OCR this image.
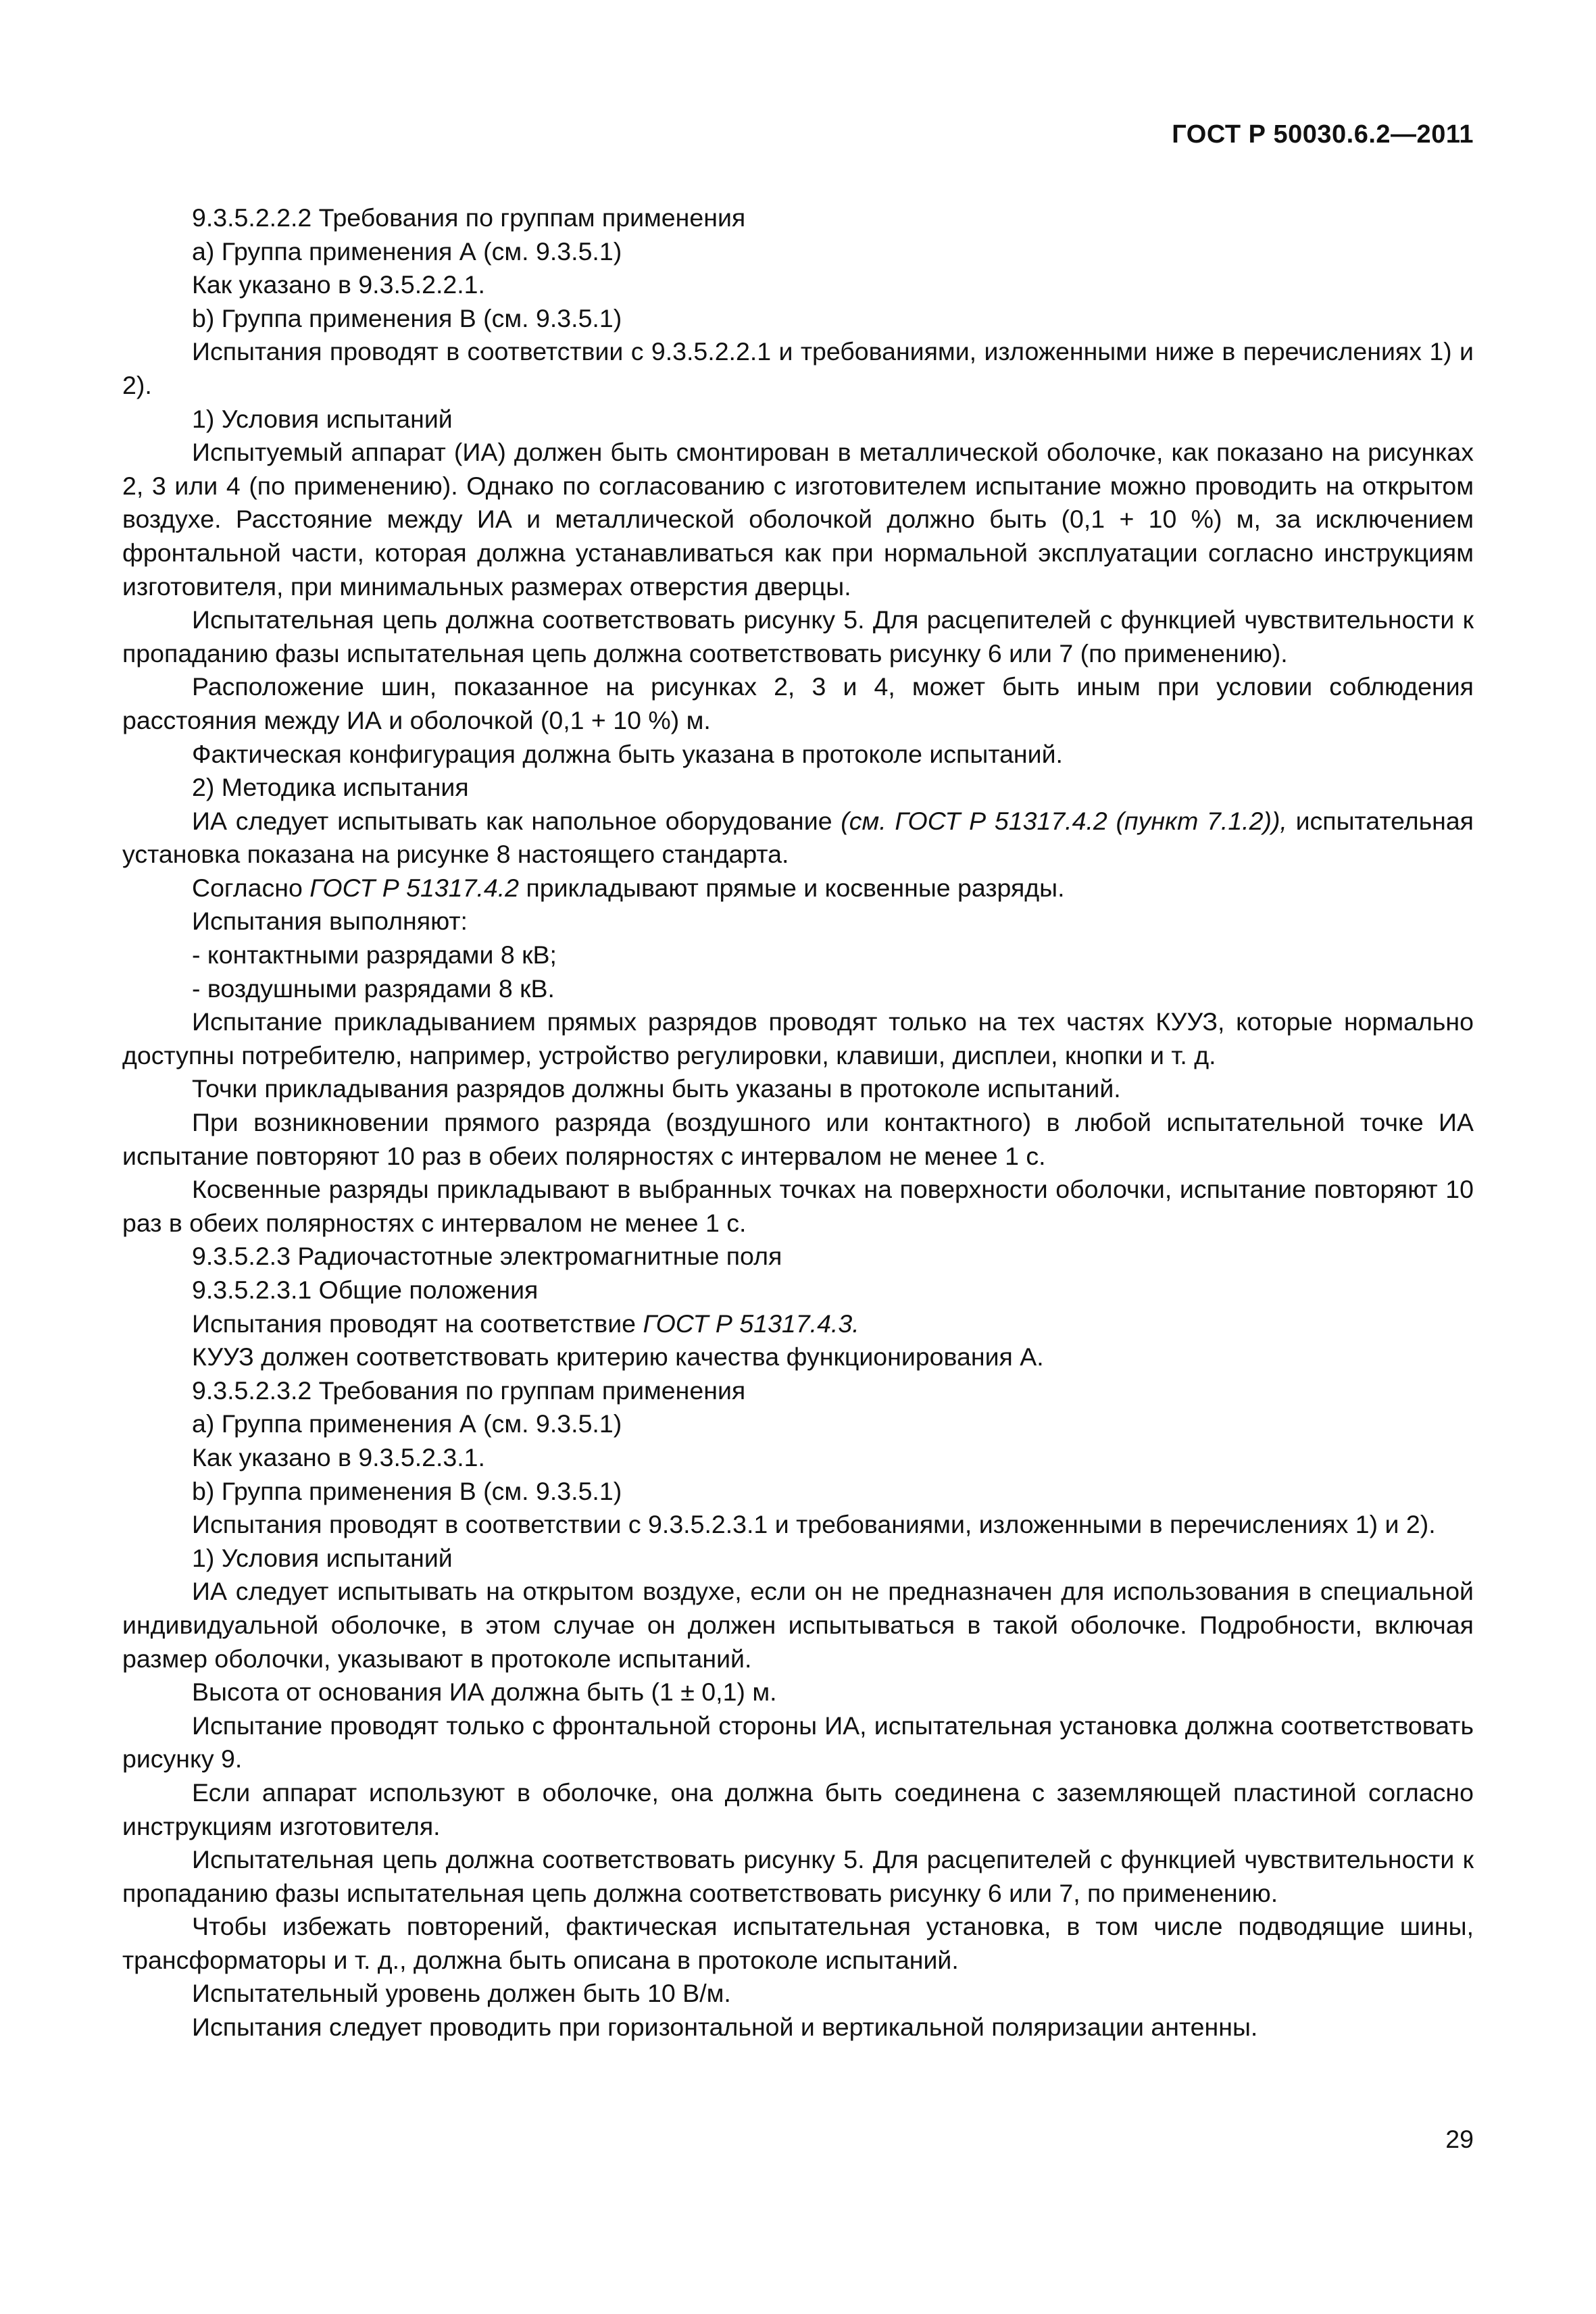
ГОСТ Р 50030.6.2—2011

9.3.5.2.2.2 Требования по группам применения

а) Группа применения А (см. 9.3.5.1)

Как указано в 9.3.5.2.2.1.

b) Группа применения В (см. 9.3.5.1)

Испытания проводят в соответствии с 9.3.5.2.2.1 и требованиями, изложенными ниже в перечислениях 1) и 2).

1) Условия испытаний

Испытуемый аппарат (ИА) должен быть смонтирован в металлической оболочке, как показано на рисунках 2, 3 или 4 (по применению). Однако по согласованию с изготовителем испытание можно проводить на открытом воздухе. Расстояние между ИА и металлической оболочкой должно быть (0,1 + 10 %) м, за исключением фронтальной части, которая должна устанавливаться как при нормальной эксплуатации согласно инструкциям изготовителя, при минимальных размерах отверстия дверцы.

Испытательная цепь должна соответствовать рисунку 5. Для расцепителей с функцией чувствительности к пропаданию фазы испытательная цепь должна соответствовать рисунку 6 или 7 (по применению).

Расположение шин, показанное на рисунках 2, 3 и 4, может быть иным при условии соблюдения расстояния между ИА и оболочкой (0,1 + 10 %) м.

Фактическая конфигурация должна быть указана в протоколе испытаний.

2) Методика испытания

ИА следует испытывать как напольное оборудование (см. ГОСТ Р 51317.4.2 (пункт 7.1.2)), испытательная установка показана на рисунке 8 настоящего стандарта.

Согласно ГОСТ Р 51317.4.2 прикладывают прямые и косвенные разряды.

Испытания выполняют:

- контактными разрядами 8 кВ;

- воздушными разрядами 8 кВ.

Испытание прикладыванием прямых разрядов проводят только на тех частях КУУЗ, которые нормально доступны потребителю, например, устройство регулировки, клавиши, дисплеи, кнопки и т. д.

Точки прикладывания разрядов должны быть указаны в протоколе испытаний.

При возникновении прямого разряда (воздушного или контактного) в любой испытательной точке ИА испытание повторяют 10 раз в обеих полярностях с интервалом не менее 1 с.

Косвенные разряды прикладывают в выбранных точках на поверхности оболочки, испытание повторяют 10 раз в обеих полярностях с интервалом не менее 1 с.

9.3.5.2.3 Радиочастотные электромагнитные поля

9.3.5.2.3.1 Общие положения

Испытания проводят на соответствие ГОСТ Р 51317.4.3.

КУУЗ должен соответствовать критерию качества функционирования А.

9.3.5.2.3.2 Требования по группам применения

а) Группа применения А (см. 9.3.5.1)

Как указано в 9.3.5.2.3.1.

b) Группа применения В (см. 9.3.5.1)

Испытания проводят в соответствии с 9.3.5.2.3.1 и требованиями, изложенными в перечислениях 1) и 2).

1) Условия испытаний

ИА следует испытывать на открытом воздухе, если он не предназначен для использования в специальной индивидуальной оболочке, в этом случае он должен испытываться в такой оболочке. Подробности, включая размер оболочки, указывают в протоколе испытаний.

Высота от основания ИА должна быть (1 ± 0,1) м.

Испытание проводят только с фронтальной стороны ИА, испытательная установка должна соответствовать рисунку 9.

Если аппарат используют в оболочке, она должна быть соединена с заземляющей пластиной согласно инструкциям изготовителя.

Испытательная цепь должна соответствовать рисунку 5. Для расцепителей с функцией чувствительности к пропаданию фазы испытательная цепь должна соответствовать рисунку 6 или 7, по применению.

Чтобы избежать повторений, фактическая испытательная установка, в том числе подводящие шины, трансформаторы и т. д., должна быть описана в протоколе испытаний.

Испытательный уровень должен быть 10 В/м.

Испытания следует проводить при горизонтальной и вертикальной поляризации антенны.

29
